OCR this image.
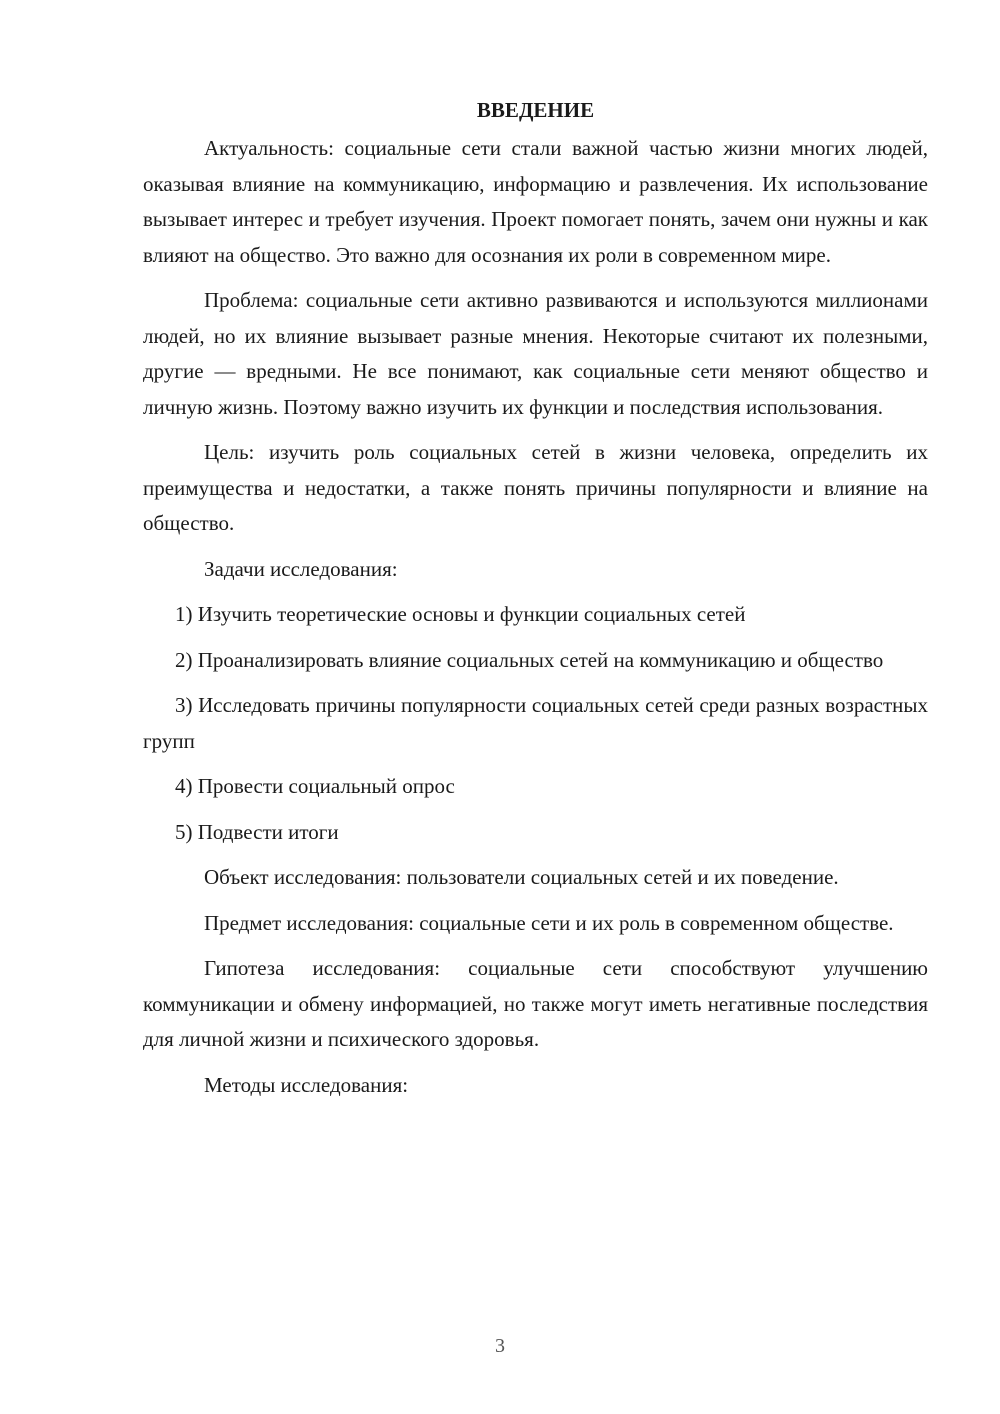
ВВЕДЕНИЕ

Актуальность: социальные сети стали важной частью жизни многих людей, оказывая влияние на коммуникацию, информацию и развлечения. Их использование вызывает интерес и требует изучения. Проект помогает понять, зачем они нужны и как влияют на общество. Это важно для осознания их роли в современном мире.

Проблема: социальные сети активно развиваются и используются миллионами людей, но их влияние вызывает разные мнения. Некоторые считают их полезными, другие — вредными. Не все понимают, как социальные сети меняют общество и личную жизнь. Поэтому важно изучить их функции и последствия использования.

Цель: изучить роль социальных сетей в жизни человека, определить их преимущества и недостатки, а также понять причины популярности и влияние на общество.

Задачи исследования:

1) Изучить теоретические основы и функции социальных сетей

2) Проанализировать влияние социальных сетей на коммуникацию и общество

3) Исследовать причины популярности социальных сетей среди разных возрастных групп

4) Провести социальный опрос

5) Подвести итоги

Объект исследования: пользователи социальных сетей и их поведение.

Предмет исследования: социальные сети и их роль в современном обществе.

Гипотеза исследования: социальные сети способствуют улучшению коммуникации и обмену информацией, но также могут иметь негативные последствия для личной жизни и психического здоровья.

Методы исследования:

3
